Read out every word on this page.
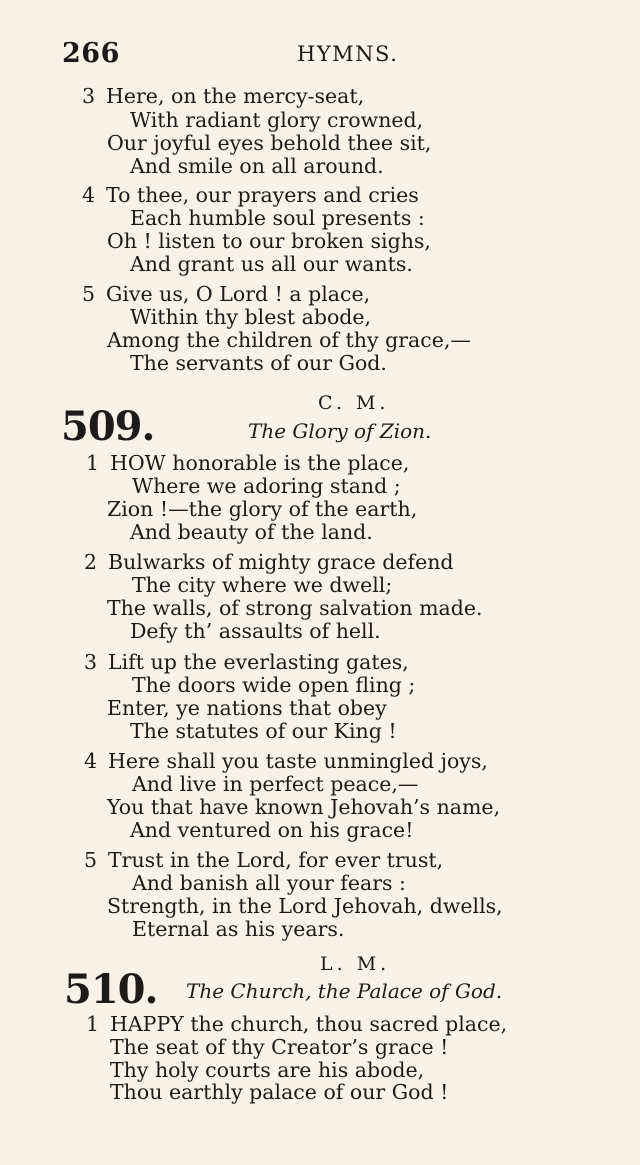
266	HYMNS.
3 Here, on the mercy-seat,
With radiant glory crowned,
Our joyful eyes behold thee sit,
And smile on all around.
4 To thee, our prayers and cries
Each humble soul presents :
Oh ! listen to our broken sighs,
And grant us all our wants.
5 Give us, O Lord ! a place,
Within thy blest abode,
Among the children of thy grace,—
The servants of our God.
C. M.
509.	The Glory of Zion.
1 HOW honorable is the place,
Where we adoring stand ;
Zion !—the glory of the earth,
And beauty of the land.
2 Bulwarks of mighty grace defend
The city where we dwell;
The walls, of strong salvation made.
Defy th’ assaults of hell.
3 Lift up the everlasting gates,
The doors wide open fling ;
Enter, ye nations that obey
The statutes of our King !
4 Here shall you taste unmingled joys,
And live in perfect peace,—
You that have known Jehovah’s name,
And ventured on his grace!
5 Trust in the Lord, for ever trust,
And banish all your fears :
Strength, in the Lord Jehovah, dwells,
Eternal as his years.
L. M.
510. The Church, the Palace of God.
1 HAPPY the church, thou sacred place,
The seat of thy Creator’s grace !
Thy holy courts are his abode,
Thou earthly palace of our God !
